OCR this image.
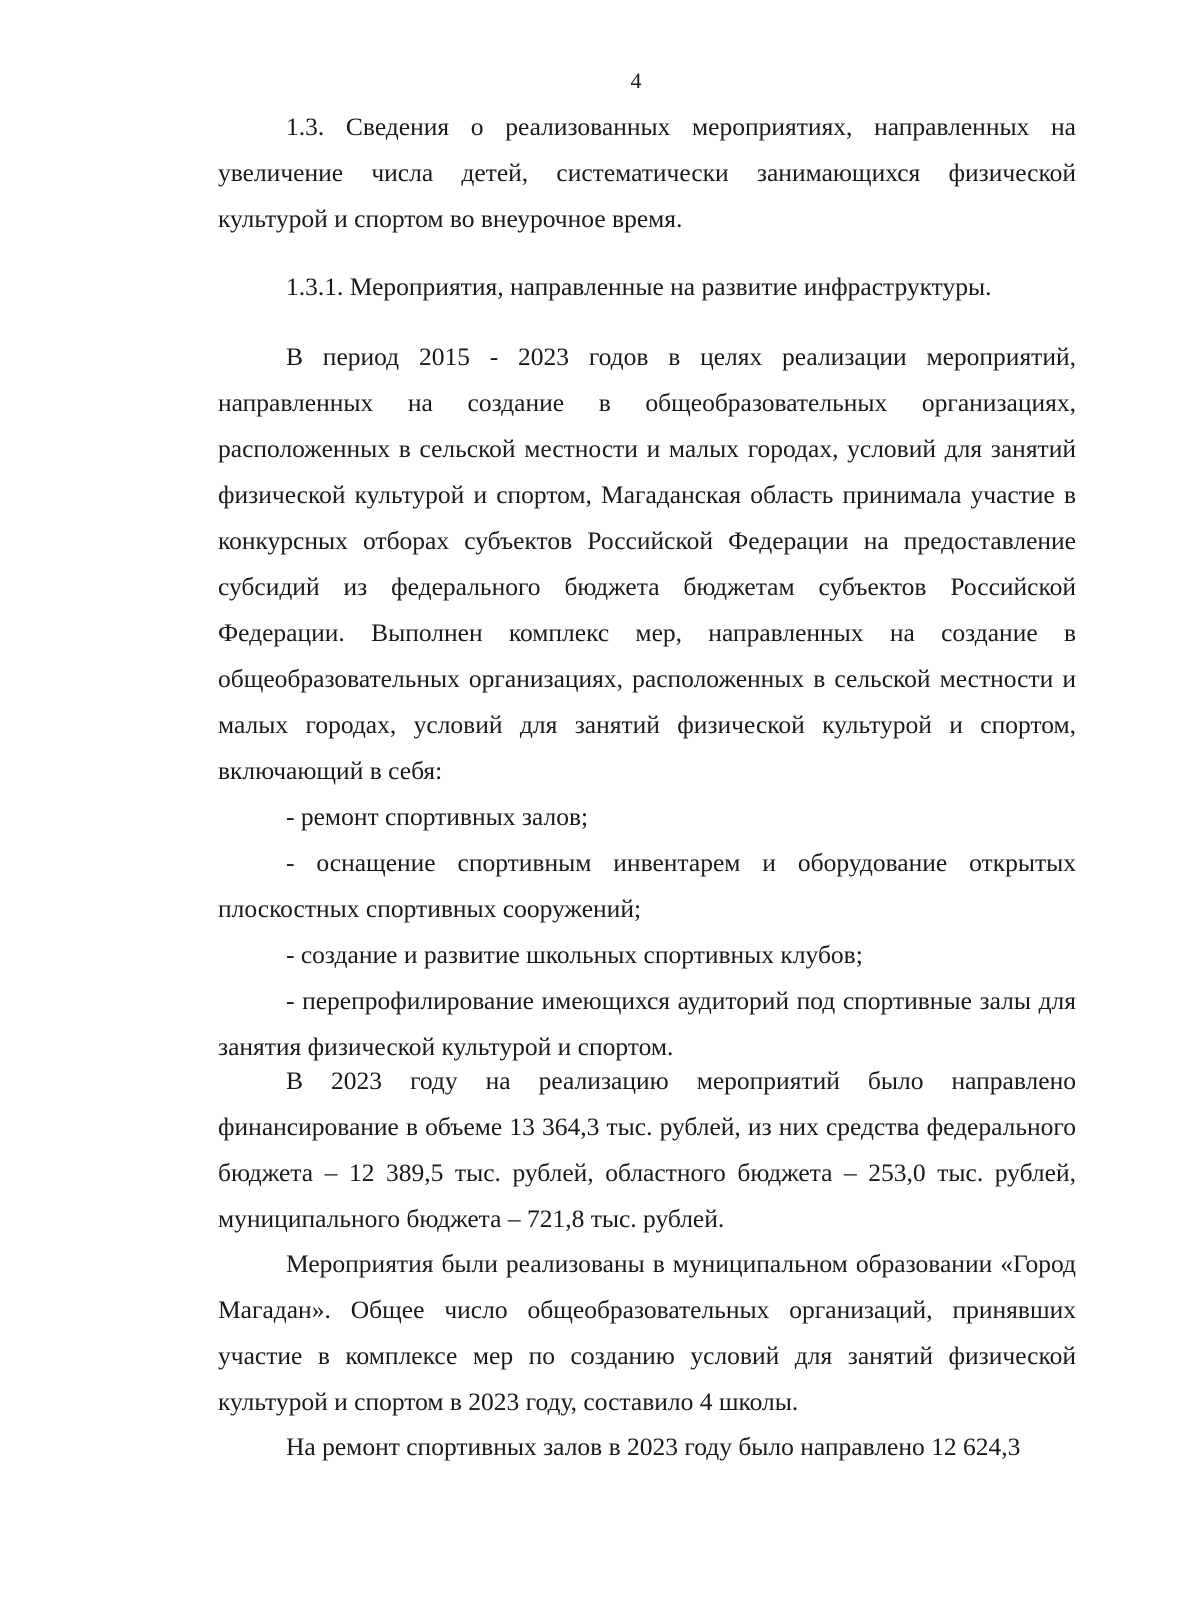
4

1.3. Сведения о реализованных мероприятиях, направленных на увеличение числа детей, систематически занимающихся физической культурой и спортом во внеурочное время.

1.3.1. Мероприятия, направленные на развитие инфраструктуры.

В период 2015 - 2023 годов в целях реализации мероприятий, направленных на создание в общеобразовательных организациях, расположенных в сельской местности и малых городах, условий для занятий физической культурой и спортом, Магаданская область принимала участие в конкурсных отборах субъектов Российской Федерации на предоставление субсидий из федерального бюджета бюджетам субъектов Российской Федерации. Выполнен комплекс мер, направленных на создание в общеобразовательных организациях, расположенных в сельской местности и малых городах, условий для занятий физической культурой и спортом, включающий в себя:

- ремонт спортивных залов;

- оснащение спортивным инвентарем и оборудование открытых плоскостных спортивных сооружений;

- создание и развитие школьных спортивных клубов;

- перепрофилирование имеющихся аудиторий под спортивные залы для занятия физической культурой и спортом.

В 2023 году на реализацию мероприятий было направлено финансирование в объеме 13 364,3 тыс. рублей, из них средства федерального бюджета – 12 389,5 тыс. рублей, областного бюджета – 253,0 тыс. рублей, муниципального бюджета – 721,8 тыс. рублей.

Мероприятия были реализованы в муниципальном образовании «Город Магадан». Общее число общеобразовательных организаций, принявших участие в комплексе мер по созданию условий для занятий физической культурой и спортом в 2023 году, составило 4 школы.

На ремонт спортивных залов в 2023 году было направлено 12 624,3
